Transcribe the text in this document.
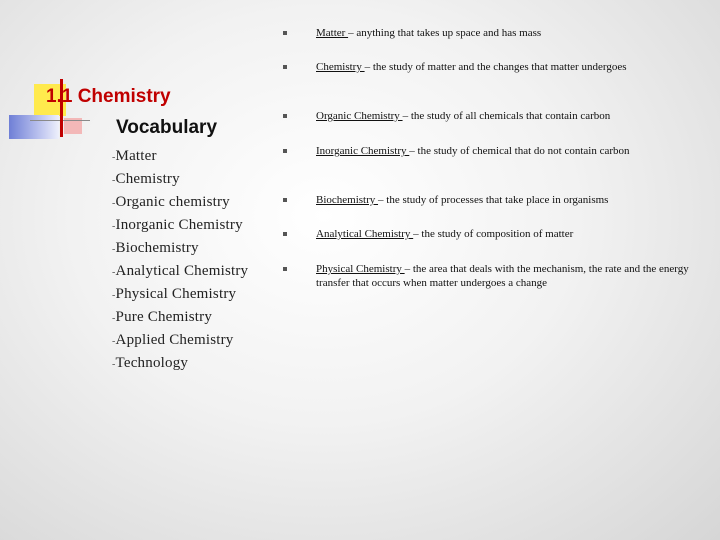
1.1 Chemistry
Vocabulary
-Matter
-Chemistry
-Organic chemistry
-Inorganic Chemistry
-Biochemistry
-Analytical Chemistry
-Physical Chemistry
-Pure Chemistry
-Applied Chemistry
-Technology
Matter – anything that takes up space and has mass
Chemistry – the study of matter and the changes that matter undergoes
Organic Chemistry – the study of all chemicals that contain carbon
Inorganic Chemistry – the study of chemical that do not contain carbon
Biochemistry – the study of processes that take place in organisms
Analytical Chemistry – the study of composition of matter
Physical Chemistry – the area that deals with the mechanism, the rate and the energy transfer that occurs when matter undergoes a change
